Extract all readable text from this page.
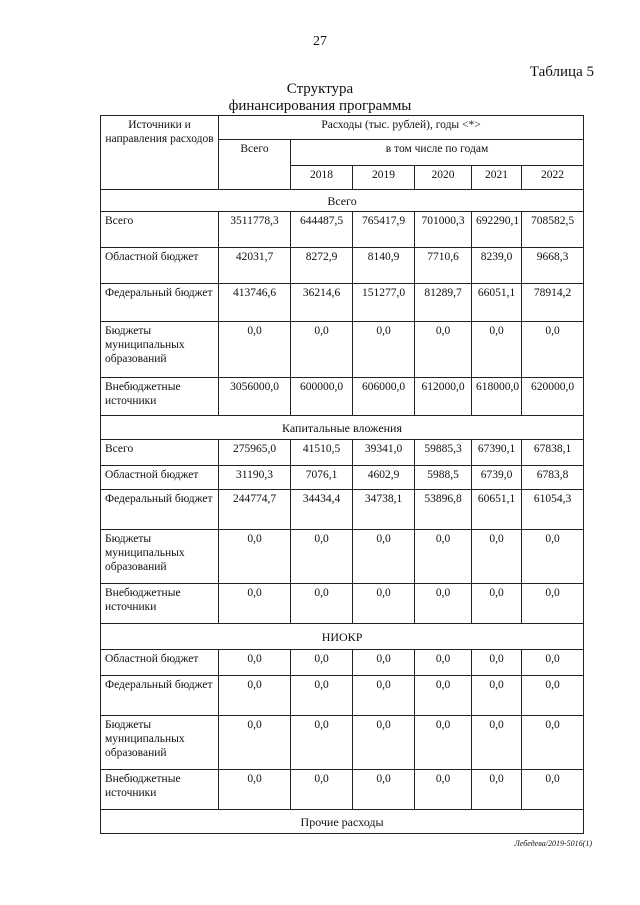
27
Таблица 5
Структура
финансирования программы
Источники и направления расходов	Расходы (тыс. рублей), годы <*>					
	Всего	в том числе по годам				
		2018	2019	2020	2021	2022
Всего						
Всего	3511778,3	644487,5	765417,9	701000,3	692290,1	708582,5
Областной бюджет	42031,7	8272,9	8140,9	7710,6	8239,0	9668,3
Федеральный бюджет	413746,6	36214,6	151277,0	81289,7	66051,1	78914,2
Бюджеты муниципальных образований	0,0	0,0	0,0	0,0	0,0	0,0
Внебюджетные источники	3056000,0	600000,0	606000,0	612000,0	618000,0	620000,0
Капитальные вложения						
Всего	275965,0	41510,5	39341,0	59885,3	67390,1	67838,1
Областной бюджет	31190,3	7076,1	4602,9	5988,5	6739,0	6783,8
Федеральный бюджет	244774,7	34434,4	34738,1	53896,8	60651,1	61054,3
Бюджеты муниципальных образований	0,0	0,0	0,0	0,0	0,0	0,0
Внебюджетные источники	0,0	0,0	0,0	0,0	0,0	0,0
НИОКР						
Областной бюджет	0,0	0,0	0,0	0,0	0,0	0,0
Федеральный бюджет	0,0	0,0	0,0	0,0	0,0	0,0
Бюджеты муниципальных образований	0,0	0,0	0,0	0,0	0,0	0,0
Внебюджетные источники	0,0	0,0	0,0	0,0	0,0	0,0
Прочие расходы						
Лебедева/2019-5016(1)
